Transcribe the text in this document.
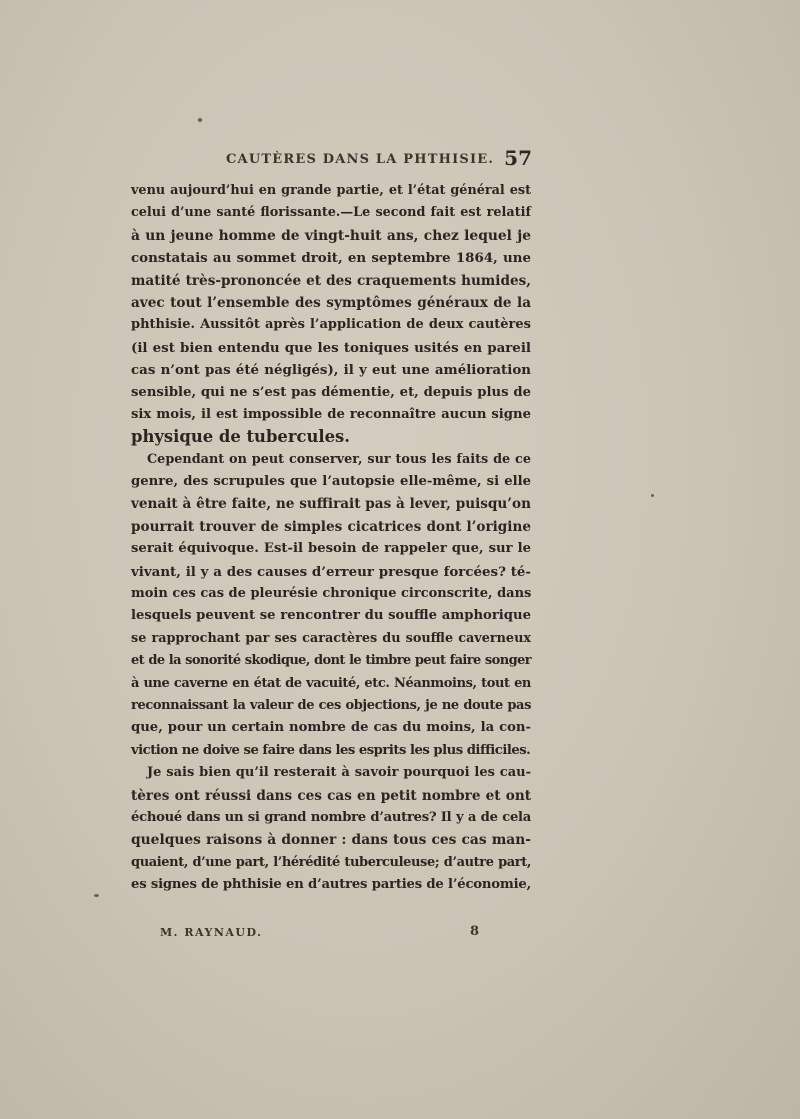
CAUTÈRES DANS LA PHTHISIE. 57
venu aujourd’hui en grande partie, et l’état général est
celui d’une santé florissante.—Le second fait est relatif
à un jeune homme de vingt-huit ans, chez lequel je
constatais au sommet droit, en septembre 1864, une
matité très-prononcée et des craquements humides,
avec tout l’ensemble des symptômes généraux de la
phthisie. Aussitôt après l’application de deux cautères
(il est bien entendu que les toniques usités en pareil
cas n’ont pas été négligés), il y eut une amélioration
sensible, qui ne s’est pas démentie, et, depuis plus de
six mois, il est impossible de reconnaître aucun signe
physique de tubercules.
Cependant on peut conserver, sur tous les faits de ce
genre, des scrupules que l’autopsie elle-même, si elle
venait à être faite, ne suffirait pas à lever, puisqu’on
pourrait trouver de simples cicatrices dont l’origine
serait équivoque. Est-il besoin de rappeler que, sur le
vivant, il y a des causes d’erreur presque forcées? té-
moin ces cas de pleurésie chronique circonscrite, dans
lesquels peuvent se rencontrer du souffle amphorique
se rapprochant par ses caractères du souffle caverneux
et de la sonorité skodique, dont le timbre peut faire songer
à une caverne en état de vacuité, etc. Néanmoins, tout en
reconnaissant la valeur de ces objections, je ne doute pas
que, pour un certain nombre de cas du moins, la con-
viction ne doive se faire dans les esprits les plus difficiles.
Je sais bien qu’il resterait à savoir pourquoi les cau-
tères ont réussi dans ces cas en petit nombre et ont
échoué dans un si grand nombre d’autres? Il y a de cela
quelques raisons à donner : dans tous ces cas man-
quaient, d’une part, l’hérédité tuberculeuse; d’autre part,
es signes de phthisie en d’autres parties de l’économie,
M. RAYNAUD.	8
